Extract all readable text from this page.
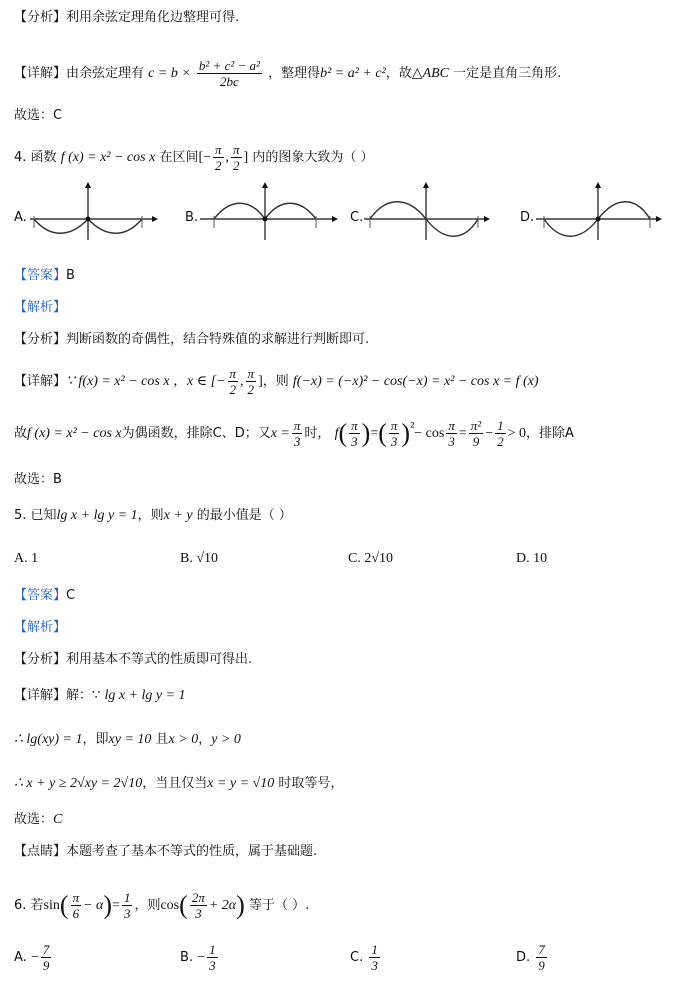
【分析】利用余弦定理角化边整理可得.
【详解】由余弦定理有 $c = b \times \frac{\text{b² + c² − a²}}{2bc}$ ，整理得b² = a² + c²，故△ABC 一定是直角三角形.
故选：C
4. 函数 f (x) = x² − cos x 在区间[− $\frac{\pi}{2}$ , $\frac{\pi}{2}$ ] 内的图象大致为（ ）
A.	B.	C.	D.
【答案】B
【解析】
【分析】判断函数的奇偶性，结合特殊值的求解进行判断即可.
【详解】∵ f(x) = x² − cos x ，x ∈ [− $\frac{\pi}{2}$ , $\frac{\pi}{2}$ ]，则 f(−x) = (−x)² − cos(−x) = x² − cos x = f (x)
故f (x) = x² − cos x为偶函数，排除C、D；又$x = \frac{\pi}{3}$ 时， $f( \frac{\pi}{3}$ )=( $\frac{\pi}{3} )^{^2}- \cos \frac{\pi}{3} = \frac{\text{π²}}{9} - \frac{1}{2} > 0$，排除A
故选：B
5. 已知lg x + lg y = 1，则x + y 的最小值是（ ）
A. 1	B. √10	C. 2√10	D. 10
【答案】C
【解析】
【分析】利用基本不等式的性质即可得出.
【详解】解：∵ lg x + lg y = 1
∴ lg(xy) = 1，即xy = 10 且x > 0，y > 0
∴ x + y ≥ 2√xy = 2√10，当且仅当x = y = √10 时取等号，
故选：C
【点睛】本题考查了基本不等式的性质，属于基础题.
6. 若$\sin( \frac{\pi}{6} - \alpha)= \frac{1}{3}$ ，则$\cos( \frac{2\pi}{3} + 2\alpha)$ 等于（ ）.
A. − $\frac{7}{9}$	B. − $\frac{1}{3}$	C. $\frac{1}{3}$	D. $\frac{7}{9}$
